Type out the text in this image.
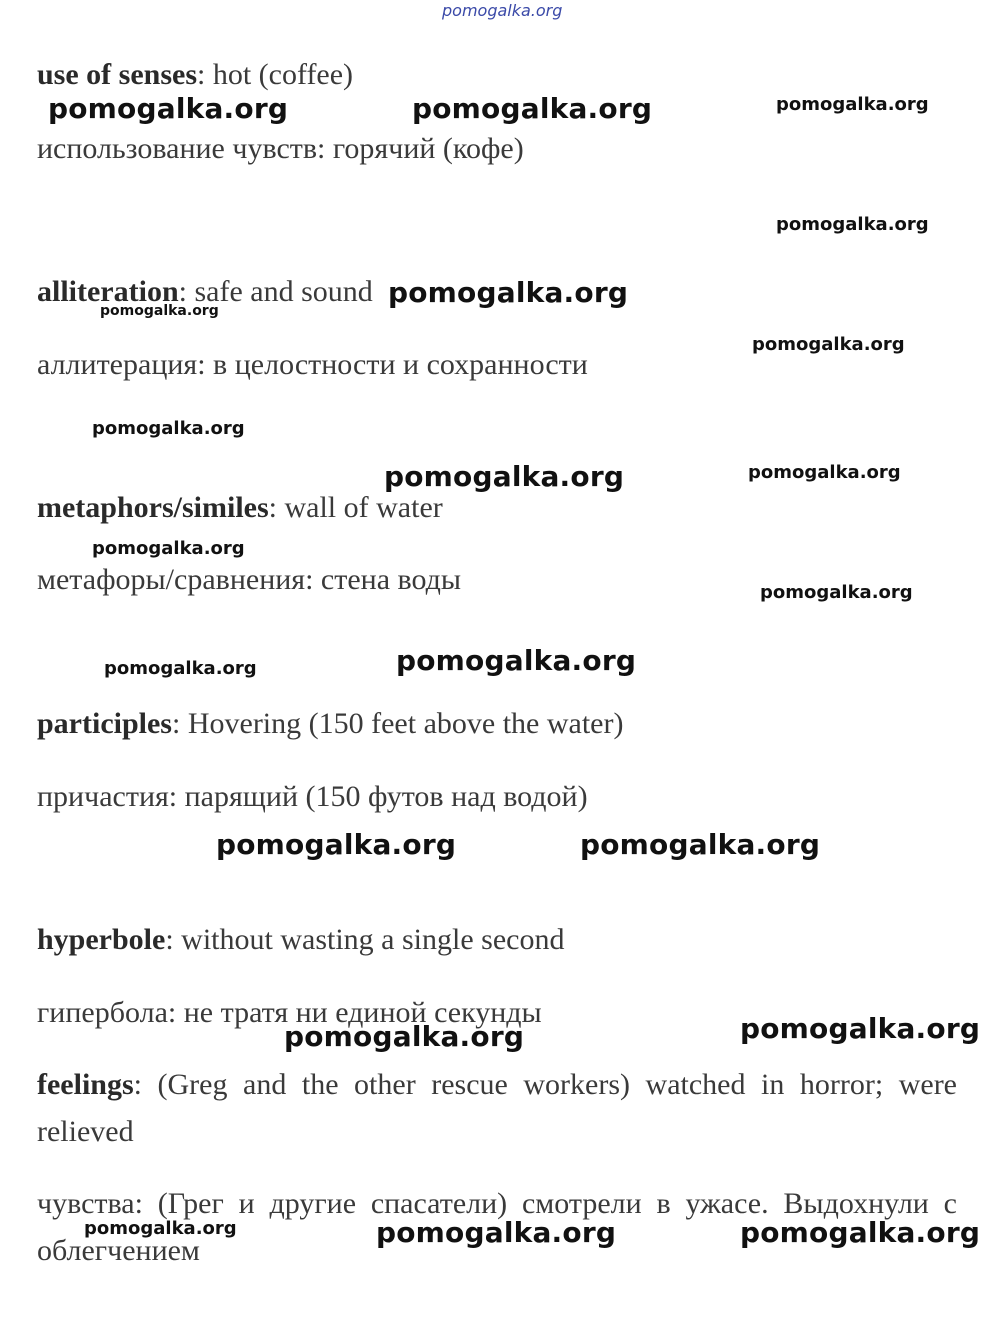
pomogalka.org
use of senses: hot (coffee)
использование чувств: горячий (кофе)
alliteration: safe and sound
аллитерация: в целостности и сохранности
metaphors/similes: wall of water
метафоры/сравнения: стена воды
participles: Hovering (150 feet above the water)
причастия: парящий (150 футов над водой)
hyperbole: without wasting a single second
гипербола: не тратя ни единой секунды
feelings: (Greg and the other rescue workers) watched in horror; were
relieved
чувства: (Грег и другие спасатели) смотрели в ужасе. Выдохнули с
облегчением
pomogalka.org	pomogalka.org	pomogalka.org
pomogalka.org
pomogalka.org
pomogalka.org
pomogalka.org
pomogalka.org
pomogalka.org	pomogalka.org
pomogalka.org
pomogalka.org
pomogalka.org
pomogalka.org
pomogalka.org	pomogalka.org
pomogalka.org
pomogalka.org
pomogalka.org	pomogalka.org	pomogalka.org
